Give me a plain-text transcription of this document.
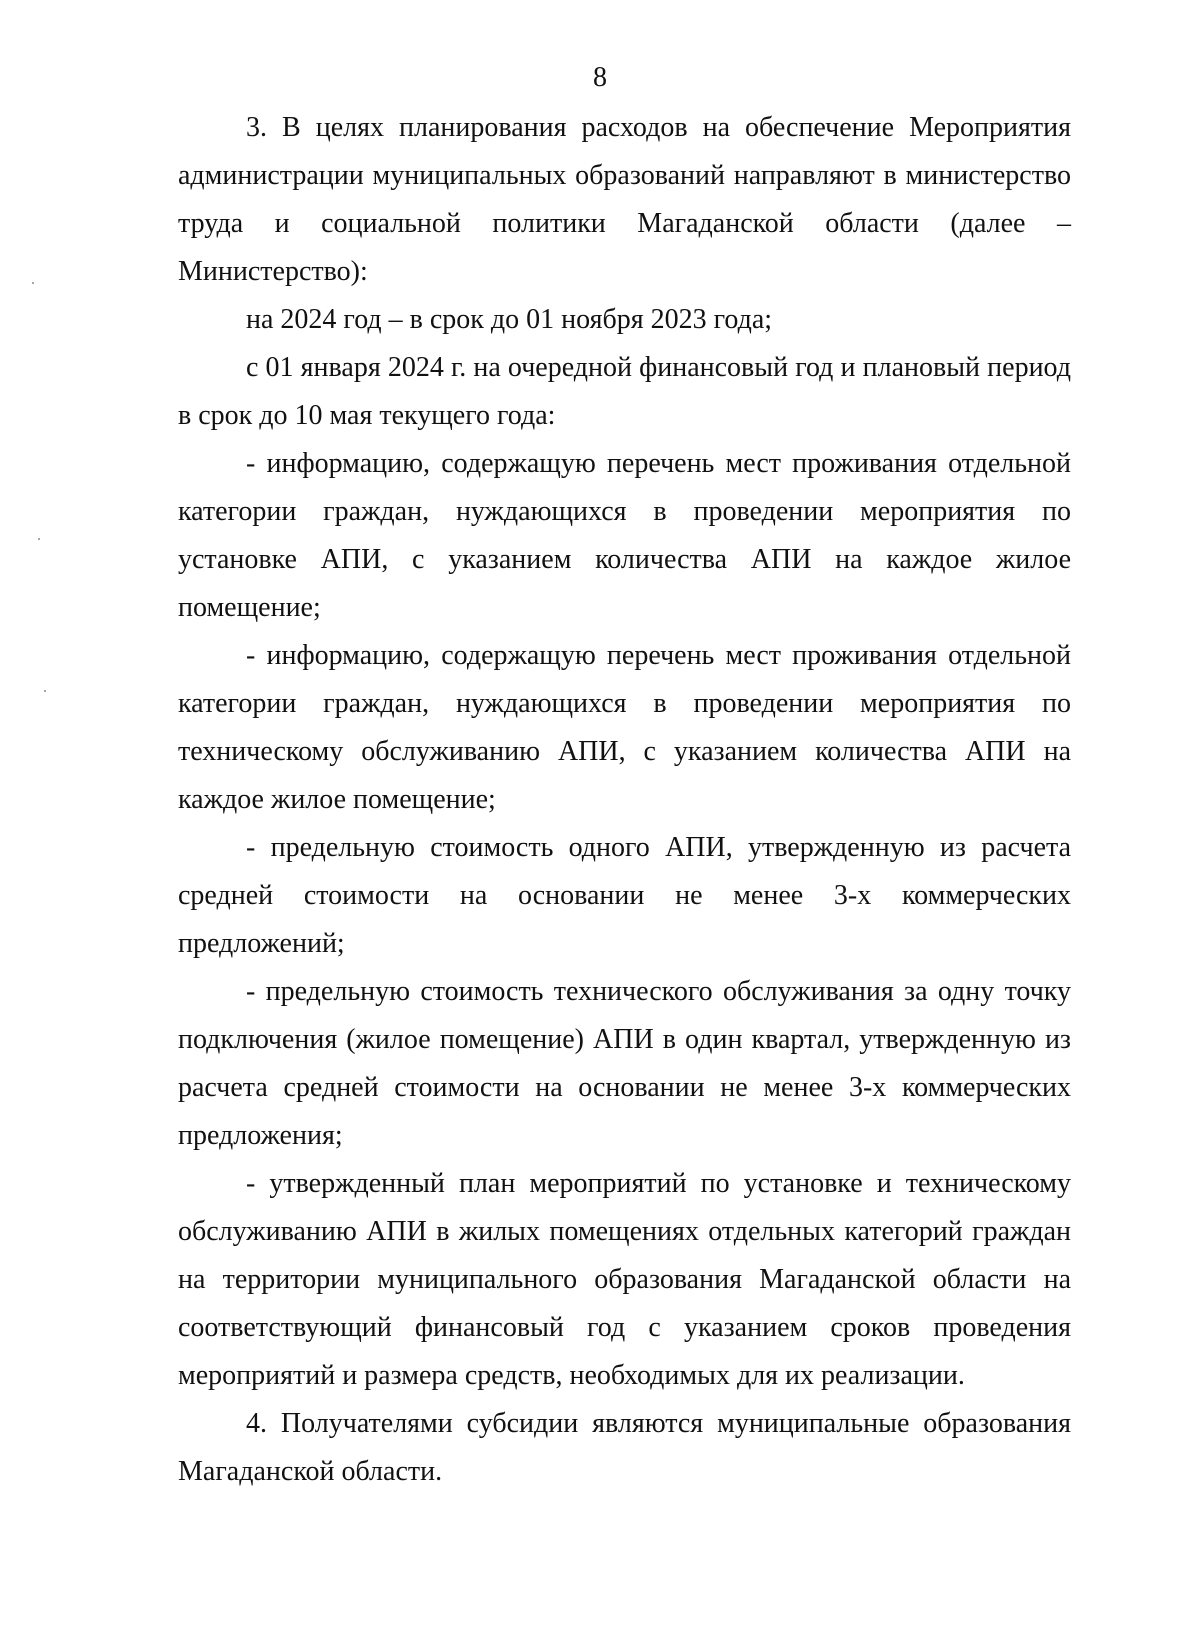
8

3. В целях планирования расходов на обеспечение Мероприятия администрации муниципальных образований направляют в министерство труда и социальной политики Магаданской области (далее – Министерство):

на 2024 год – в срок до 01 ноября 2023 года;

с 01 января 2024 г. на очередной финансовый год и плановый период в срок до 10 мая текущего года:

- информацию, содержащую перечень мест проживания отдельной категории граждан, нуждающихся в проведении мероприятия по установке АПИ, с указанием количества АПИ на каждое жилое помещение;

- информацию, содержащую перечень мест проживания отдельной категории граждан, нуждающихся в проведении мероприятия по техническому обслуживанию АПИ, с указанием количества АПИ на каждое жилое помещение;

- предельную стоимость одного АПИ, утвержденную из расчета средней стоимости на основании не менее 3-х коммерческих предложений;

- предельную стоимость технического обслуживания за одну точку подключения (жилое помещение) АПИ в один квартал, утвержденную из расчета средней стоимости на основании не менее 3-х коммерческих предложения;

- утвержденный план мероприятий по установке и техническому обслуживанию АПИ в жилых помещениях отдельных категорий граждан на территории муниципального образования Магаданской области на соответствующий финансовый год с указанием сроков проведения мероприятий и размера средств, необходимых для их реализации.

4. Получателями субсидии являются муниципальные образования Магаданской области.
